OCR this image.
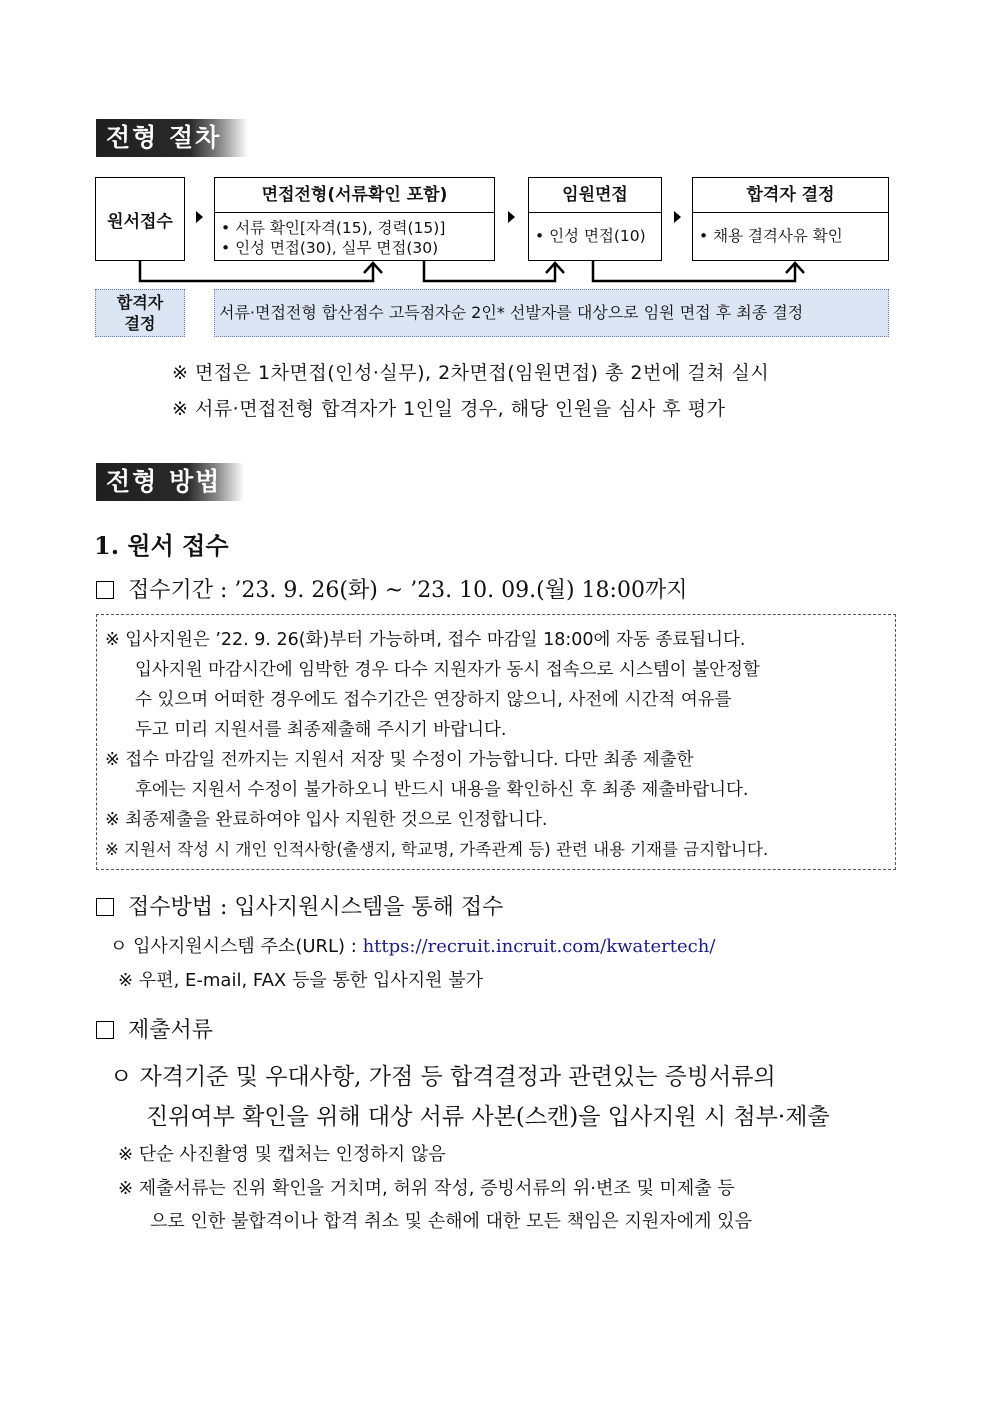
전형 절차
원서접수
면접전형(서류확인 포함)
• 서류 확인[자격(15), 경력(15)]
• 인성 면접(30), 실무 면접(30)
임원면접
• 인성 면접(10)
합격자 결정
• 채용 결격사유 확인
합격자
결정
서류·면접전형 합산점수 고득점자순 2인* 선발자를 대상으로 임원 면접 후 최종 결정
※ 면접은 1차면접(인성·실무), 2차면접(임원면접) 총 2번에 걸쳐 실시
※ 서류·면접전형 합격자가 1인일 경우, 해당 인원을 심사 후 평가
전형 방법
1. 원서 접수
접수기간 : ’23. 9. 26(화) ~ ’23. 10. 09.(월) 18:00까지
※ 입사지원은 ’22. 9. 26(화)부터 가능하며, 접수 마감일 18:00에 자동 종료됩니다.
입사지원 마감시간에 임박한 경우 다수 지원자가 동시 접속으로 시스템이 불안정할
수 있으며 어떠한 경우에도 접수기간은 연장하지 않으니, 사전에 시간적 여유를
두고 미리 지원서를 최종제출해 주시기 바랍니다.
※ 접수 마감일 전까지는 지원서 저장 및 수정이 가능합니다. 다만 최종 제출한
후에는 지원서 수정이 불가하오니 반드시 내용을 확인하신 후 최종 제출바랍니다.
※ 최종제출을 완료하여야 입사 지원한 것으로 인정합니다.
※ 지원서 작성 시 개인 인적사항(출생지, 학교명, 가족관계 등) 관련 내용 기재를 금지합니다.
접수방법 : 입사지원시스템을 통해 접수
ㅇ 입사지원시스템 주소(URL) : https://recruit.incruit.com/kwatertech/
※ 우편, E-mail, FAX 등을 통한 입사지원 불가
제출서류
ㅇ 자격기준 및 우대사항, 가점 등 합격결정과 관련있는 증빙서류의
진위여부 확인을 위해 대상 서류 사본(스캔)을 입사지원 시 첨부·제출
※ 단순 사진촬영 및 캡처는 인정하지 않음
※ 제출서류는 진위 확인을 거치며, 허위 작성, 증빙서류의 위·변조 및 미제출 등
으로 인한 불합격이나 합격 취소 및 손해에 대한 모든 책임은 지원자에게 있음
